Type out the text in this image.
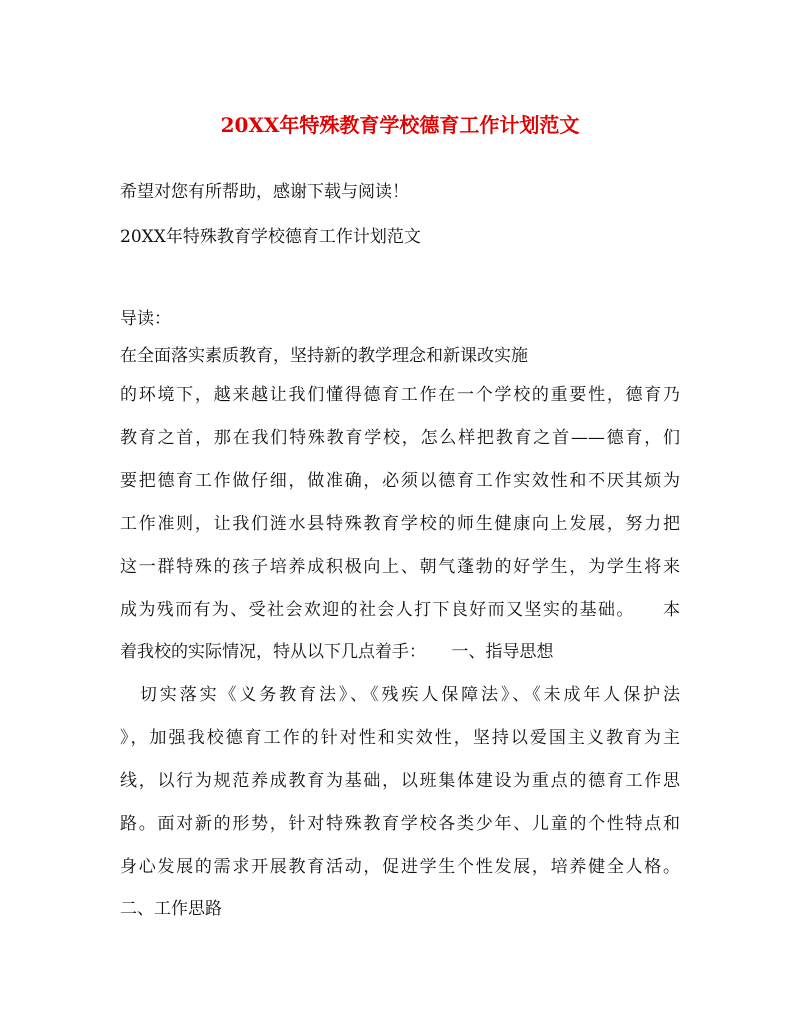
20XX年特殊教育学校德育工作计划范文
希望对您有所帮助，感谢下载与阅读！
20XX年特殊教育学校德育工作计划范文
导读：
在全面落实素质教育，坚持新的教学理念和新课改实施
的环境下，越来越让我们懂得德育工作在一个学校的重要性，德育乃
教育之首，那在我们特殊教育学校，怎么样把教育之首——德育，们
要把德育工作做仔细，做准确，必须以德育工作实效性和不厌其烦为
工作准则，让我们涟水县特殊教育学校的师生健康向上发展，努力把
这一群特殊的孩子培养成积极向上、朝气蓬勃的好学生，为学生将来
成为残而有为、受社会欢迎的社会人打下良好而又坚实的基础。　　本
着我校的实际情况，特从以下几点着手：　　一、指导思想
　切实落实《义务教育法》、《残疾人保障法》、《未成年人保护法
》，加强我校德育工作的针对性和实效性，坚持以爱国主义教育为主
线，以行为规范养成教育为基础，以班集体建设为重点的德育工作思
路。面对新的形势，针对特殊教育学校各类少年、儿童的个性特点和
身心发展的需求开展教育活动，促进学生个性发展，培养健全人格。
二、工作思路
